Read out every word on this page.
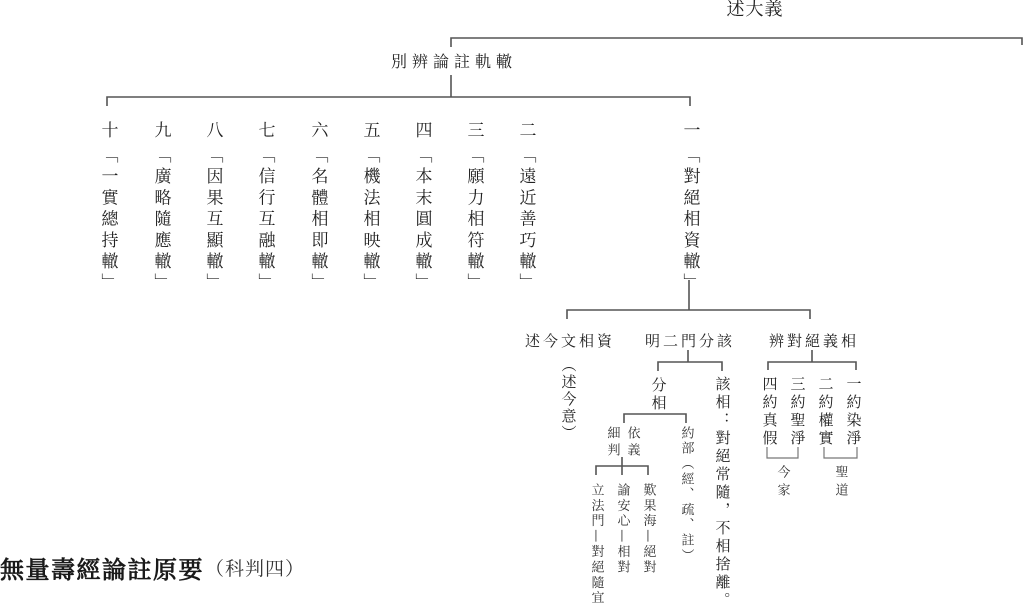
述大義
別辨論註軌轍
一
二
三
四
五
六
七
八
九
十
「對絕相資轍」
「遠近善巧轍」
「願力相符轍」
「本末圓成轍」
「機法相映轍」
「名體相即轍」
「信行互融轍」
「因果互顯轍」
「廣略隨應轍」
「一實總持轍」
述今文相資 明二門分該 辨對絕義相
（述今意）	分相	該相：對絕常隨，不相捨離。
依義
細判	約部（經、疏、註）
立法門—對絕隨宜 諭安心—相對 歎果海—絕對
一約染淨
二約權實
三約聖淨
四約真假
聖道
今家
無量壽經論註原要 （科判四）
